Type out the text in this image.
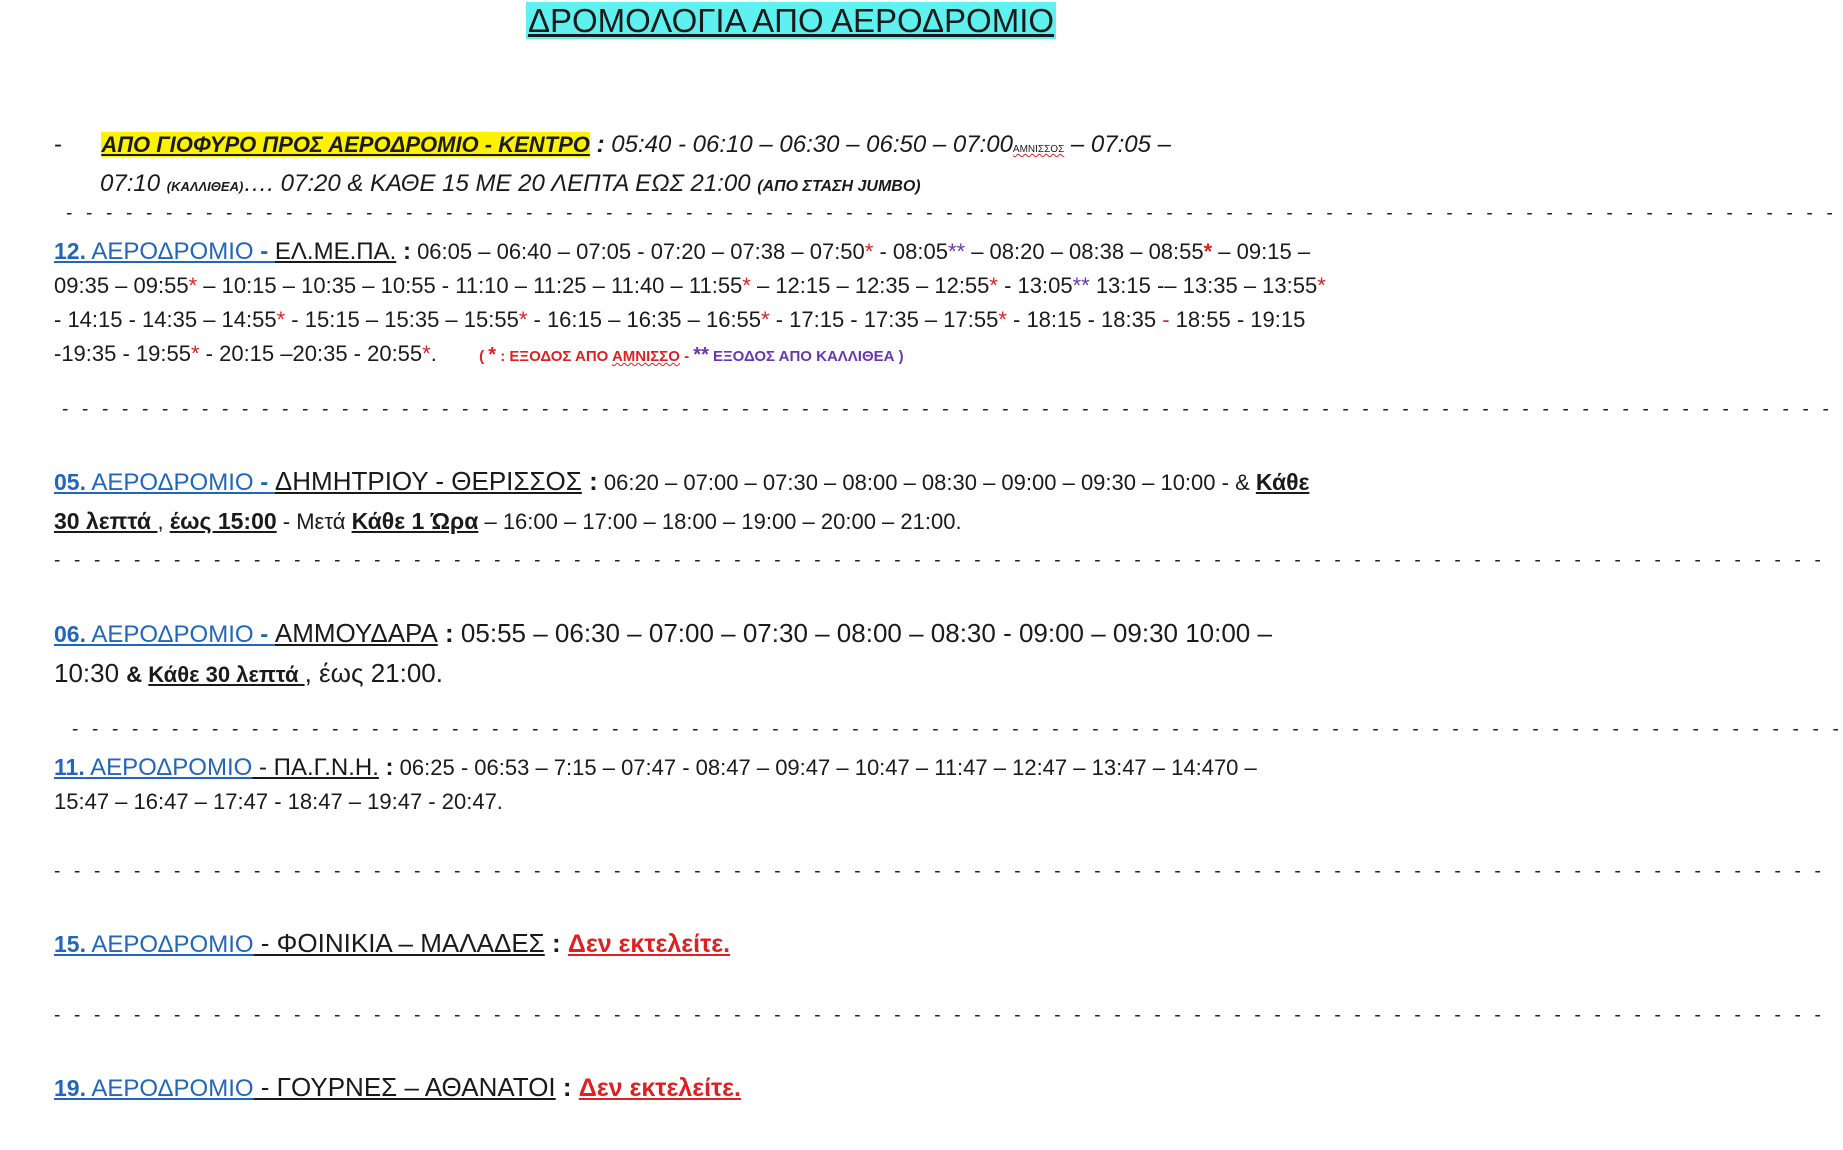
ΔΡΟΜΟΛΟΓΙΑ ΑΠΟ ΑΕΡΟΔΡΟΜΙΟ
- ΑΠΟ ΓΙΟΦΥΡΟ ΠΡΟΣ ΑΕΡΟΔΡΟΜΙΟ - ΚΕΝΤΡΟ : 05:40 - 06:10 – 06:30 – 06:50 – 07:00ΑΜΝΙΣΣΟΣ – 07:05 –
07:10 (ΚΑΛΛΙΘΕΑ)…. 07:20 & ΚΑΘΕ 15 ΜΕ 20 ΛΕΠΤΑ ΕΩΣ 21:00 (ΑΠΟ ΣΤΑΣΗ JUMBO)
- - - - - - - - - - - - - - - - - - - - - - - - - - - - - - - - - - - - - - - - - - - - - - - - - - - - - - - - - - - - - - - - - - - - - - - - - - - - - - - - - - - - - - - - -
12. ΑΕΡΟΔΡΟΜΙΟ - ΕΛ.ΜΕ.ΠΑ. : 06:05 – 06:40 – 07:05 - 07:20 – 07:38 – 07:50* - 08:05** – 08:20 – 08:38 – 08:55* – 09:15 –
09:35 – 09:55* – 10:15 – 10:35 – 10:55 - 11:10 – 11:25 – 11:40 – 11:55* – 12:15 – 12:35 – 12:55* - 13:05** 13:15 -– 13:35 – 13:55*
- 14:15 - 14:35 – 14:55* - 15:15 – 15:35 – 15:55* - 16:15 – 16:35 – 16:55* - 17:15 - 17:35 – 17:55* - 18:15 - 18:35 - 18:55 - 19:15
-19:35 - 19:55* - 20:15 –20:35 - 20:55*.	( * : ΕΞΟΔΟΣ ΑΠΟ ΑΜΝΙΣΣΟ - ** ΕΞΟΔΟΣ ΑΠΟ ΚΑΛΛΙΘΕΑ )
- - - - - - - - - - - - - - - - - - - - - - - - - - - - - - - - - - - - - - - - - - - - - - - - - - - - - - - - - - - - - - - - - - - - - - - - - - - - - - - - - - - - - - - - -
05. ΑΕΡΟΔΡΟΜΙΟ - ΔΗΜΗΤΡΙΟΥ - ΘΕΡΙΣΣΟΣ : 06:20 – 07:00 – 07:30 – 08:00 – 08:30 – 09:00 – 09:30 – 10:00 - & Κάθε
30 λεπτά , έως 15:00 - Μετά Κάθε 1 Ώρα – 16:00 – 17:00 – 18:00 – 19:00 – 20:00 – 21:00.
- - - - - - - - - - - - - - - - - - - - - - - - - - - - - - - - - - - - - - - - - - - - - - - - - - - - - - - - - - - - - - - - - - - - - - - - - - - - - - - - - - - - - - - - -
06. ΑΕΡΟΔΡΟΜΙΟ - ΑΜΜΟΥΔΑΡΑ : 05:55 – 06:30 – 07:00 – 07:30 – 08:00 – 08:30 - 09:00 – 09:30 10:00 –
10:30 & Κάθε 30 λεπτά , έως 21:00.
- - - - - - - - - - - - - - - - - - - - - - - - - - - - - - - - - - - - - - - - - - - - - - - - - - - - - - - - - - - - - - - - - - - - - - - - - - - - - - - - - - - - - - - - -
11. ΑΕΡΟΔΡΟΜΙΟ - ΠΑ.Γ.Ν.Η. : 06:25 - 06:53 – 7:15 – 07:47 - 08:47 – 09:47 – 10:47 – 11:47 – 12:47 – 13:47 – 14:470 –
15:47 – 16:47 – 17:47 - 18:47 – 19:47 - 20:47.
- - - - - - - - - - - - - - - - - - - - - - - - - - - - - - - - - - - - - - - - - - - - - - - - - - - - - - - - - - - - - - - - - - - - - - - - - - - - - - - - - - - - - - - - -
15. ΑΕΡΟΔΡΟΜΙΟ - ΦΟΙΝΙΚΙΑ – ΜΑΛΑΔΕΣ : Δεν εκτελείτε.
- - - - - - - - - - - - - - - - - - - - - - - - - - - - - - - - - - - - - - - - - - - - - - - - - - - - - - - - - - - - - - - - - - - - - - - - - - - - - - - - - - - - - - - - -
19. ΑΕΡΟΔΡΟΜΙΟ - ΓΟΥΡΝΕΣ – ΑΘΑΝΑΤΟΙ : Δεν εκτελείτε.
